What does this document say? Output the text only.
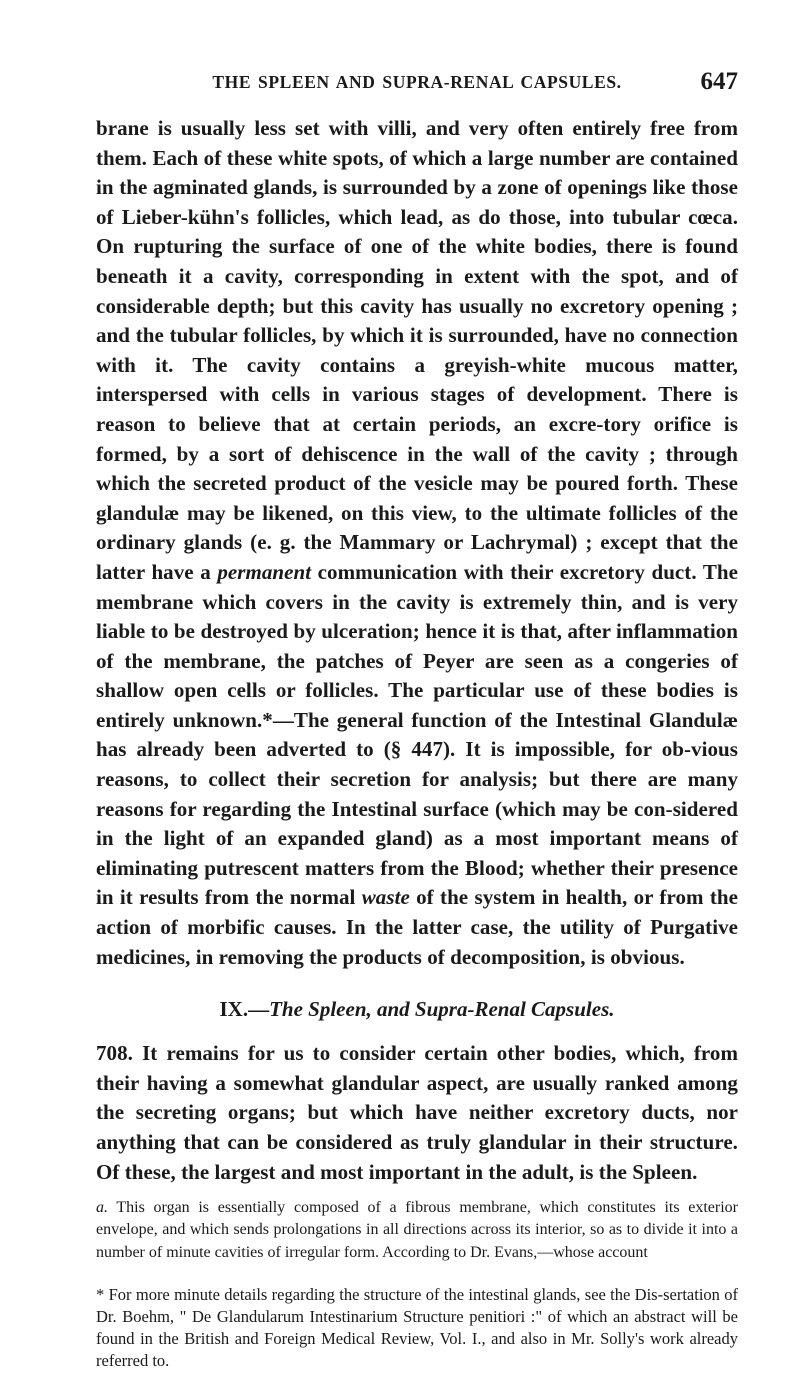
THE SPLEEN AND SUPRA-RENAL CAPSULES.	647

brane is usually less set with villi, and very often entirely free from them. Each of these white spots, of which a large number are contained in the agminated glands, is surrounded by a zone of openings like those of Lieber-kühn's follicles, which lead, as do those, into tubular cœca. On rupturing the surface of one of the white bodies, there is found beneath it a cavity, corresponding in extent with the spot, and of considerable depth; but this cavity has usually no excretory opening ; and the tubular follicles, by which it is surrounded, have no connection with it. The cavity contains a greyish-white mucous matter, interspersed with cells in various stages of development. There is reason to believe that at certain periods, an excre-tory orifice is formed, by a sort of dehiscence in the wall of the cavity ; through which the secreted product of the vesicle may be poured forth. These glandulæ may be likened, on this view, to the ultimate follicles of the ordinary glands (e. g. the Mammary or Lachrymal) ; except that the latter have a permanent communication with their excretory duct. The membrane which covers in the cavity is extremely thin, and is very liable to be destroyed by ulceration; hence it is that, after inflammation of the membrane, the patches of Peyer are seen as a congeries of shallow open cells or follicles. The particular use of these bodies is entirely unknown.*—The general function of the Intestinal Glandulæ has already been adverted to (§ 447). It is impossible, for ob-vious reasons, to collect their secretion for analysis; but there are many reasons for regarding the Intestinal surface (which may be con-sidered in the light of an expanded gland) as a most important means of eliminating putrescent matters from the Blood; whether their presence in it results from the normal waste of the system in health, or from the action of morbific causes. In the latter case, the utility of Purgative medicines, in removing the products of decomposition, is obvious.

IX.—The Spleen, and Supra-Renal Capsules.

708. It remains for us to consider certain other bodies, which, from their having a somewhat glandular aspect, are usually ranked among the secreting organs; but which have neither excretory ducts, nor anything that can be considered as truly glandular in their structure. Of these, the largest and most important in the adult, is the Spleen.

a. This organ is essentially composed of a fibrous membrane, which constitutes its exterior envelope, and which sends prolongations in all directions across its interior, so as to divide it into a number of minute cavities of irregular form. According to Dr. Evans,—whose account

* For more minute details regarding the structure of the intestinal glands, see the Dis-sertation of Dr. Boehm, " De Glandularum Intestinarium Structure penitiori :" of which an abstract will be found in the British and Foreign Medical Review, Vol. I., and also in Mr. Solly's work already referred to.
